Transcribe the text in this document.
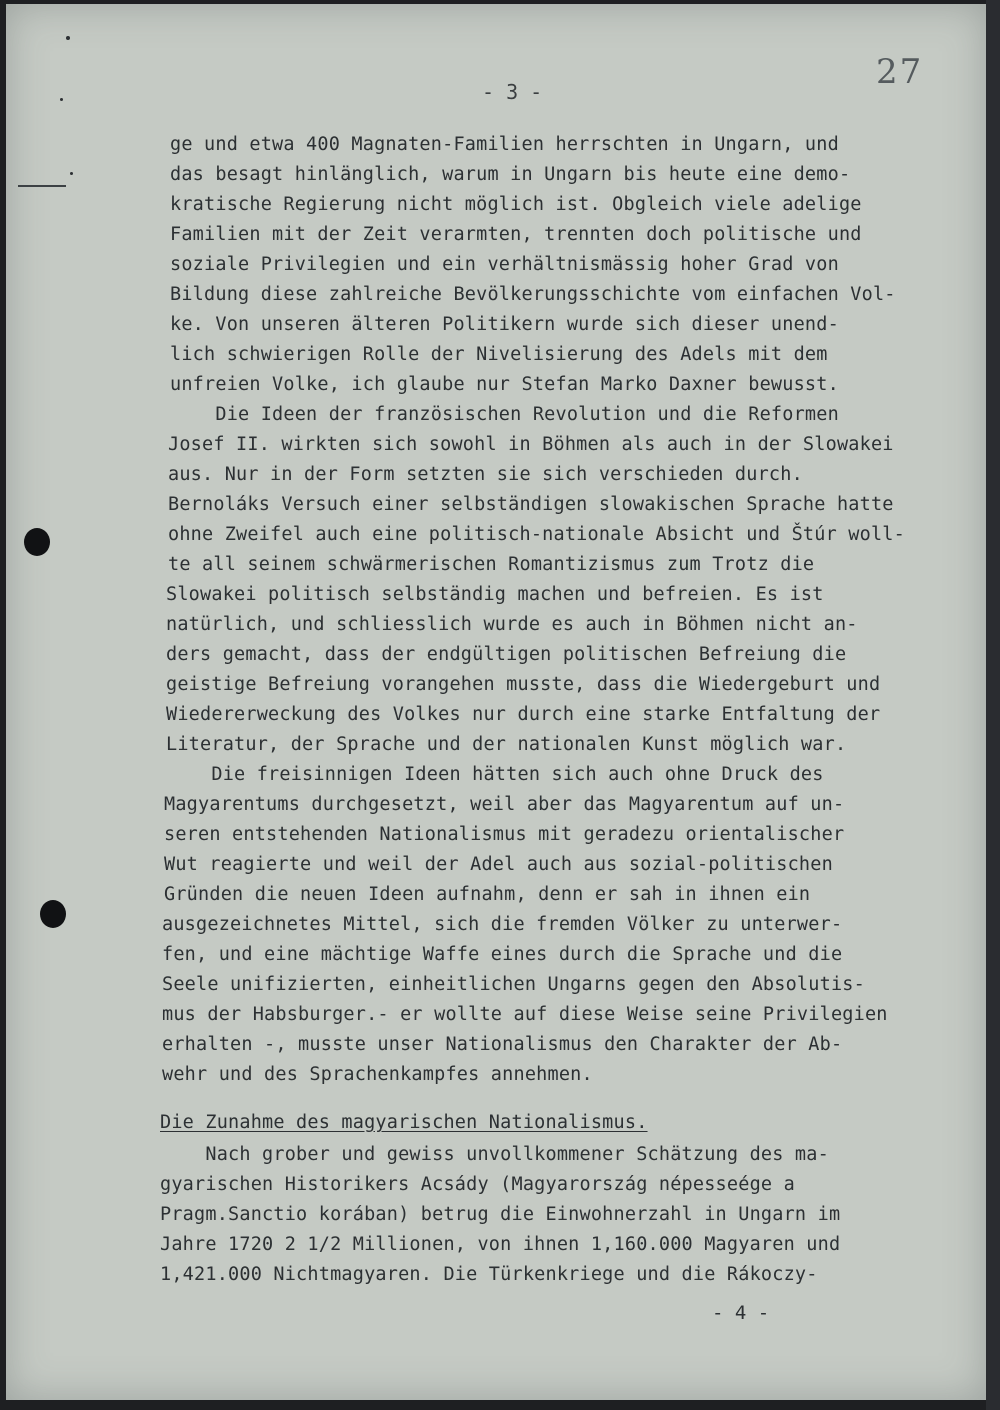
- 3 -	27
ge und etwa 400 Magnaten-Familien herrschten in Ungarn, und
das besagt hinlänglich, warum in Ungarn bis heute eine demo-
kratische Regierung nicht möglich ist. Obgleich viele adelige
Familien mit der Zeit verarmten, trennten doch politische und
soziale Privilegien und ein verhältnismässig hoher Grad von
Bildung diese zahlreiche Bevölkerungsschichte vom einfachen Vol-
ke. Von unseren älteren Politikern wurde sich dieser unend-
lich schwierigen Rolle der Nivelisierung des Adels mit dem
unfreien Volke, ich glaube nur Stefan Marko Daxner bewusst.
Die Ideen der französischen Revolution und die Reformen
Josef II. wirkten sich sowohl in Böhmen als auch in der Slowakei
aus. Nur in der Form setzten sie sich verschieden durch.
Bernoláks Versuch einer selbständigen slowakischen Sprache hatte
ohne Zweifel auch eine politisch-nationale Absicht und Štúr woll-
te all seinem schwärmerischen Romantizismus zum Trotz die
Slowakei politisch selbständig machen und befreien. Es ist
natürlich, und schliesslich wurde es auch in Böhmen nicht an-
ders gemacht, dass der endgültigen politischen Befreiung die
geistige Befreiung vorangehen musste, dass die Wiedergeburt und
Wiedererweckung des Volkes nur durch eine starke Entfaltung der
Literatur, der Sprache und der nationalen Kunst möglich war.
Die freisinnigen Ideen hätten sich auch ohne Druck des
Magyarentums durchgesetzt, weil aber das Magyarentum auf un-
seren entstehenden Nationalismus mit geradezu orientalischer
Wut reagierte und weil der Adel auch aus sozial-politischen
Gründen die neuen Ideen aufnahm, denn er sah in ihnen ein
ausgezeichnetes Mittel, sich die fremden Völker zu unterwer-
fen, und eine mächtige Waffe eines durch die Sprache und die
Seele unifizierten, einheitlichen Ungarns gegen den Absolutis-
mus der Habsburger.- er wollte auf diese Weise seine Privilegien
erhalten -, musste unser Nationalismus den Charakter der Ab-
wehr und des Sprachenkampfes annehmen.
Die Zunahme des magyarischen Nationalismus.
Nach grober und gewiss unvollkommener Schätzung des ma-
gyarischen Historikers Acsády (Magyarország népesseége a
Pragm.Sanctio korában) betrug die Einwohnerzahl in Ungarn im
Jahre 1720 2 1/2 Millionen, von ihnen 1,160.000 Magyaren und
1,421.000 Nichtmagyaren. Die Türkenkriege und die Rákoczy-
- 4 -
